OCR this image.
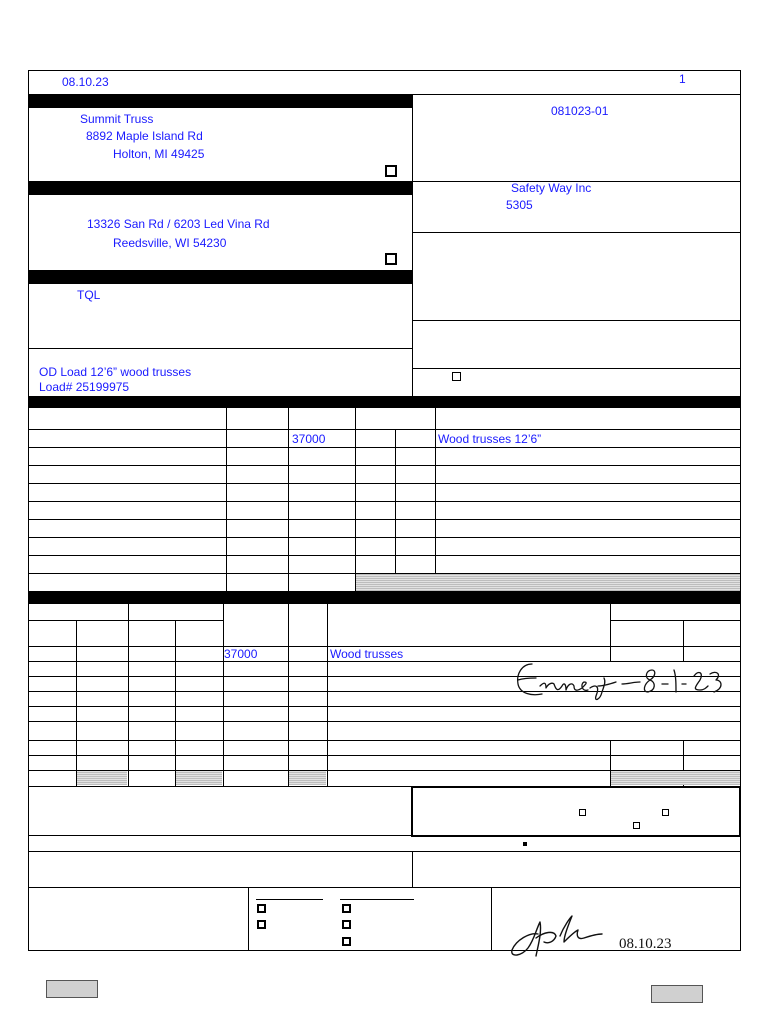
08.10.23	1
Summit Truss
8892 Maple Island Rd
Holton, MI 49425
081023-01
13326 San Rd / 6203 Led Vina Rd
Reedsville, WI 54230
Safety Way Inc
5305
TQL
OD Load 12’6” wood trusses
Load# 25199975
37000	Wood trusses 12’6”
37000	Wood trusses
08.10.23
